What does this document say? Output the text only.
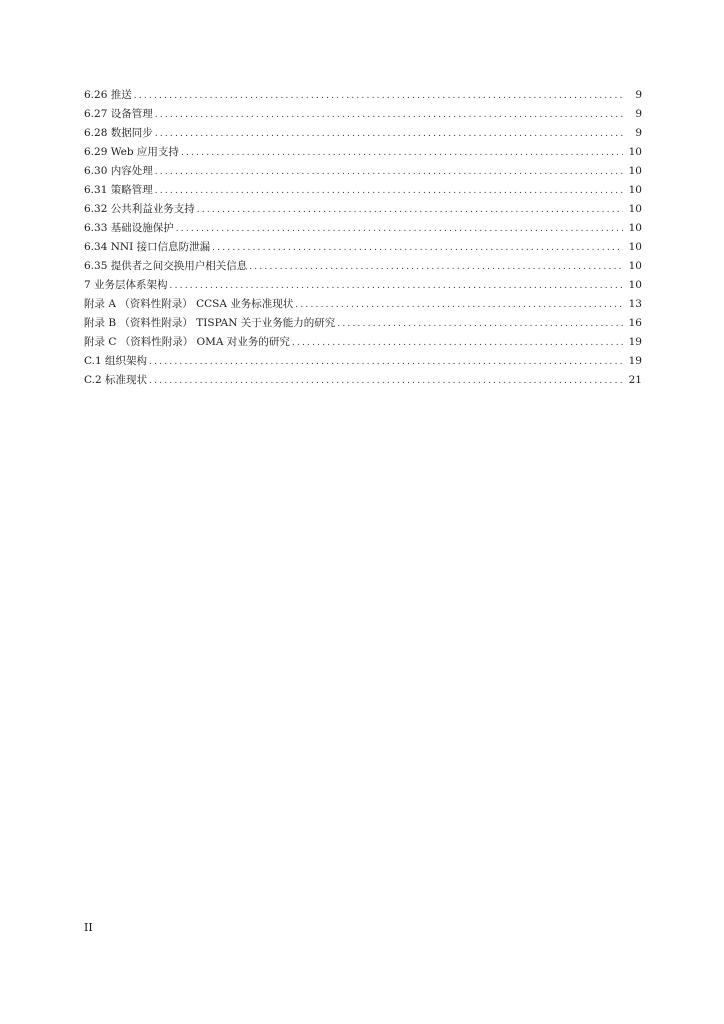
6.26 推送 .....	9
6.27 设备管理 .....	9
6.28 数据同步 .....	9
6.29 Web 应用支持 .....	10
6.30 内容处理 .....	10
6.31 策略管理 .....	10
6.32 公共利益业务支持 .....	10
6.33 基础设施保护 .....	10
6.34 NNI 接口信息防泄漏 .....	10
6.35 提供者之间交换用户相关信息 .....	10
7 业务层体系架构 .....	10
附录 A （资料性附录） CCSA 业务标准现状 .....	13
附录 B （资料性附录） TISPAN 关于业务能力的研究 .....	16
附录 C （资料性附录） OMA 对业务的研究 .....	19
C.1 组织架构 .....	19
C.2 标准现状 .....	21
II
